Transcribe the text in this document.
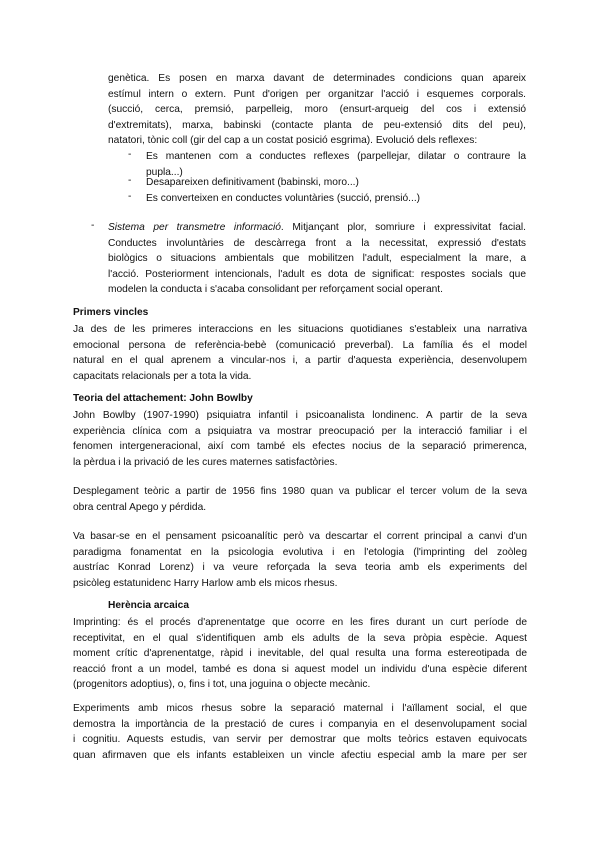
genètica. Es posen en marxa davant de determinades condicions quan apareix
estímul intern o extern. Punt d'origen per organitzar l'acció i esquemes corporals.
(succió, cerca, premsió, parpelleig, moro (ensurt-arqueig del cos i extensió
d'extremitats), marxa, babinski (contacte planta de peu-extensió dits del peu),
natatori, tònic coll (gir del cap a un costat posició esgrima). Evolució dels reflexes:
- Es mantenen com a conductes reflexes (parpellejar, dilatar o contraure la
pupla...)
- Desapareixen definitivament (babinski, moro...)
- Es converteixen en conductes voluntàries (succió, prensió...)
- Sistema per transmetre informació. Mitjançant plor, somriure i expressivitat facial.
Conductes involuntàries de descàrrega front a la necessitat, expressió d'estats
biològics o situacions ambientals que mobilitzen l'adult, especialment la mare, a
l'acció. Posteriorment intencionals, l'adult es dota de significat: respostes socials que
modelen la conducta i s'acaba consolidant per reforçament social operant.
Primers vincles
Ja des de les primeres interaccions en les situacions quotidianes s'estableix una narrativa
emocional persona de referència-bebè (comunicació preverbal). La família és el model
natural en el qual aprenem a vincular-nos i, a partir d'aquesta experiència, desenvolupem
capacitats relacionals per a tota la vida.
Teoria del attachement: John Bowlby
John Bowlby (1907-1990) psiquiatra infantil i psicoanalista londinenc. A partir de la seva
experiència clínica com a psiquiatra va mostrar preocupació per la interacció familiar i el
fenomen intergeneracional, així com també els efectes nocius de la separació primerenca,
la pèrdua i la privació de les cures maternes satisfactòries.
Desplegament teòric a partir de 1956 fins 1980 quan va publicar el tercer volum de la seva
obra central Apego y pérdida.
Va basar-se en el pensament psicoanalític però va descartar el corrent principal a canvi d'un
paradigma fonamentat en la psicologia evolutiva i en l'etologia (l'imprinting del zoòleg
austríac Konrad Lorenz) i va veure reforçada la seva teoria amb els experiments del
psicòleg estatunidenc Harry Harlow amb els micos rhesus.
Herència arcaica
Imprinting: és el procés d'aprenentatge que ocorre en les fires durant un curt període de
receptivitat, en el qual s'identifiquen amb els adults de la seva pròpia espècie. Aquest
moment crític d'aprenentatge, ràpid i inevitable, del qual resulta una forma estereotipada de
reacció front a un model, també es dona si aquest model un individu d'una espècie diferent
(progenitors adoptius), o, fins i tot, una joguina o objecte mecànic.
Experiments amb micos rhesus sobre la separació maternal i l'aïllament social, el que
demostra la importància de la prestació de cures i companyia en el desenvolupament social
i cognitiu. Aquests estudis, van servir per demostrar que molts teòrics estaven equivocats
quan afirmaven que els infants estableixen un vincle afectiu especial amb la mare per ser
